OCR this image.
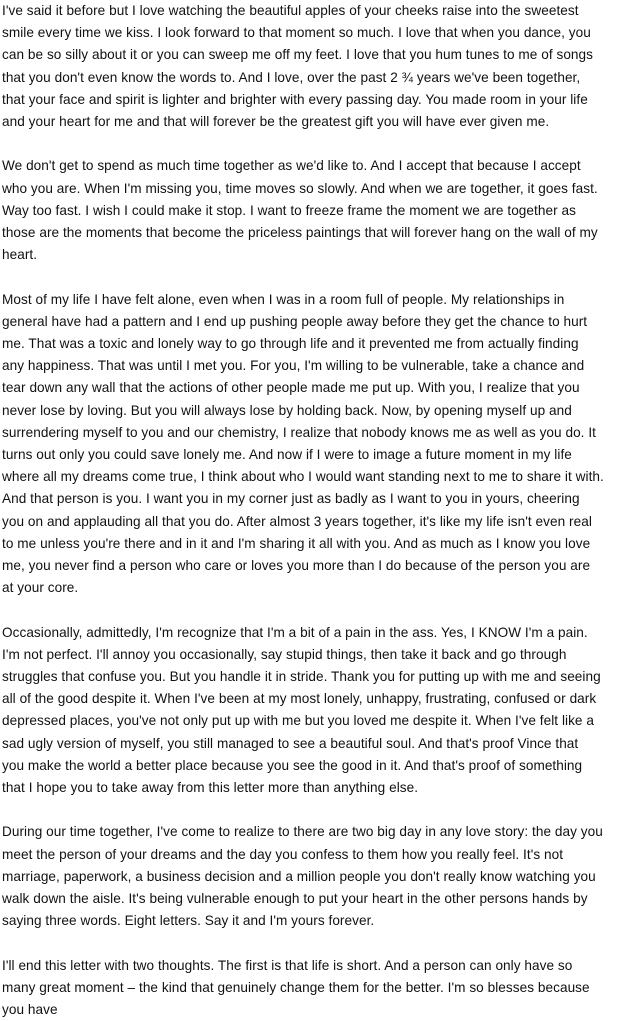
I've said it before but I love watching the beautiful apples of your cheeks raise into the sweetest smile every time we kiss. I look forward to that moment so much. I love that when you dance, you can be so silly about it or you can sweep me off my feet. I love that you hum tunes to me of songs that you don't even know the words to. And I love, over the past 2 ¾ years we've been together, that your face and spirit is lighter and brighter with every passing day. You made room in your life and your heart for me and that will forever be the greatest gift you will have ever given me.

We don't get to spend as much time together as we'd like to. And I accept that because I accept who you are. When I'm missing you, time moves so slowly. And when we are together, it goes fast. Way too fast. I wish I could make it stop. I want to freeze frame the moment we are together as those are the moments that become the priceless paintings that will forever hang on the wall of my heart.

Most of my life I have felt alone, even when I was in a room full of people. My relationships in general have had a pattern and I end up pushing people away before they get the chance to hurt me. That was a toxic and lonely way to go through life and it prevented me from actually finding any happiness. That was until I met you. For you, I'm willing to be vulnerable, take a chance and tear down any wall that the actions of other people made me put up. With you, I realize that you never lose by loving. But you will always lose by holding back. Now, by opening myself up and surrendering myself to you and our chemistry, I realize that nobody knows me as well as you do. It turns out only you could save lonely me. And now if I were to image a future moment in my life where all my dreams come true, I think about who I would want standing next to me to share it with. And that person is you. I want you in my corner just as badly as I want to you in yours, cheering you on and applauding all that you do. After almost 3 years together, it's like my life isn't even real to me unless you're there and in it and I'm sharing it all with you. And as much as I know you love me, you never find a person who care or loves you more than I do because of the person you are at your core.

Occasionally, admittedly, I'm recognize that I'm a bit of a pain in the ass. Yes, I KNOW I'm a pain. I'm not perfect. I'll annoy you occasionally, say stupid things, then take it back and go through struggles that confuse you. But you handle it in stride. Thank you for putting up with me and seeing all of the good despite it. When I've been at my most lonely, unhappy, frustrating, confused or dark depressed places, you've not only put up with me but you loved me despite it. When I've felt like a sad ugly version of myself, you still managed to see a beautiful soul. And that's proof Vince that you make the world a better place because you see the good in it. And that's proof of something that I hope you to take away from this letter more than anything else.

During our time together, I've come to realize to there are two big day in any love story: the day you meet the person of your dreams and the day you confess to them how you really feel. It's not marriage, paperwork, a business decision and a million people you don't really know watching you walk down the aisle. It's being vulnerable enough to put your heart in the other persons hands by saying three words. Eight letters. Say it and I'm yours forever.

I'll end this letter with two thoughts. The first is that life is short. And a person can only have so many great moment – the kind that genuinely change them for the better. I'm so blesses because you have
